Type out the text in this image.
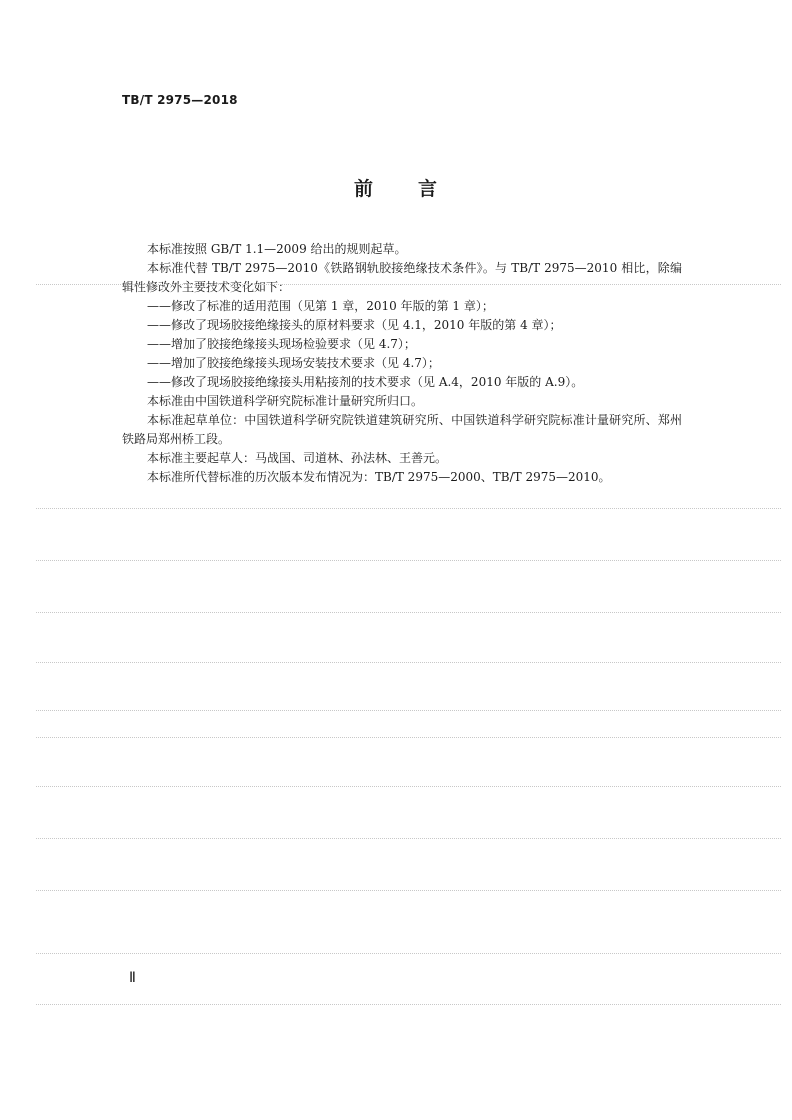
TB/T 2975—2018
前 言
本标准按照 GB/T 1.1—2009 给出的规则起草。
本标准代替 TB/T 2975—2010《铁路钢轨胶接绝缘技术条件》。与 TB/T 2975—2010 相比，除编辑性修改外主要技术变化如下：
——修改了标准的适用范围（见第 1 章，2010 年版的第 1 章）；
——修改了现场胶接绝缘接头的原材料要求（见 4.1，2010 年版的第 4 章）；
——增加了胶接绝缘接头现场检验要求（见 4.7）；
——增加了胶接绝缘接头现场安装技术要求（见 4.7）；
——修改了现场胶接绝缘接头用粘接剂的技术要求（见 A.4，2010 年版的 A.9）。
本标准由中国铁道科学研究院标准计量研究所归口。
本标准起草单位：中国铁道科学研究院铁道建筑研究所、中国铁道科学研究院标准计量研究所、郑州铁路局郑州桥工段。
本标准主要起草人：马战国、司道林、孙法林、王善元。
本标准所代替标准的历次版本发布情况为：TB/T 2975—2000、TB/T 2975—2010。
Ⅱ
